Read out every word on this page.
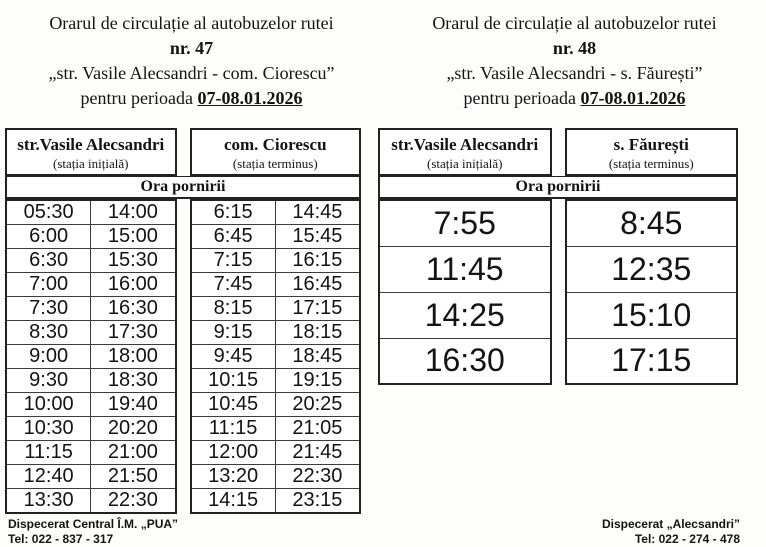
Orarul de circulație al autobuzelor rutei
nr. 47
„str. Vasile Alecsandri - com. Ciorescu”
pentru perioada 07-08.01.2026
str.Vasile Alecsandri
(stația inițială)
com. Ciorescu
(stația terminus)
Ora pornirii
05:30	14:00
6:00	15:00
6:30	15:30
7:00	16:00
7:30	16:30
8:30	17:30
9:00	18:00
9:30	18:30
10:00	19:40
10:30	20:20
11:15	21:00
12:40	21:50
13:30	22:30
6:15	14:45
6:45	15:45
7:15	16:15
7:45	16:45
8:15	17:15
9:15	18:15
9:45	18:45
10:15	19:15
10:45	20:25
11:15	21:05
12:00	21:45
13:20	22:30
14:15	23:15
Dispecerat Central Î.M. „PUA”
Tel: 022 - 837 - 317
Orarul de circulație al autobuzelor rutei
nr. 48
„str. Vasile Alecsandri - s. Făurești”
pentru perioada 07-08.01.2026
str.Vasile Alecsandri
(stația inițială)
s. Făurești
(stația terminus)
Ora pornirii
7:55
11:45
14:25
16:30
8:45
12:35
15:10
17:15
Dispecerat „Alecsandri”
Tel: 022 - 274 - 478
